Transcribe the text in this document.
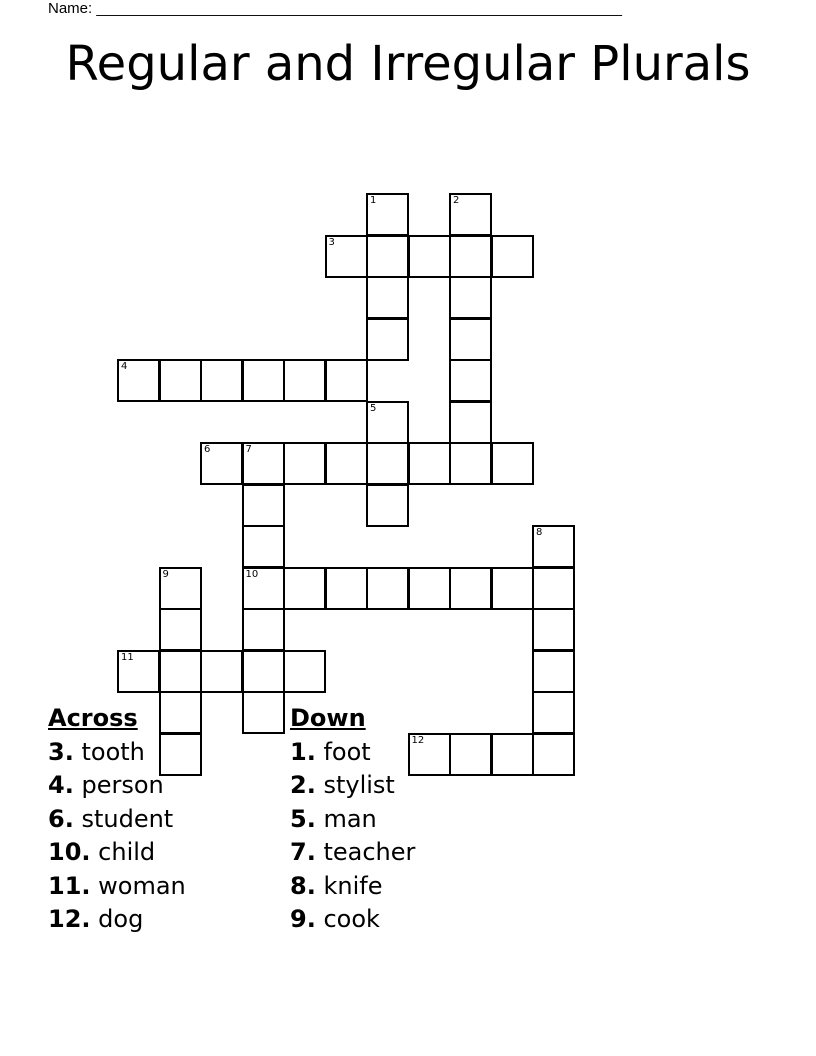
Name: _______________________________________________________________
Regular and Irregular Plurals
1	2
3
4
5
6	7
10
8
9
11
12
Across
3. tooth
4. person
6. student
10. child
11. woman
12. dog
Down
1. foot
2. stylist
5. man
7. teacher
8. knife
9. cook
